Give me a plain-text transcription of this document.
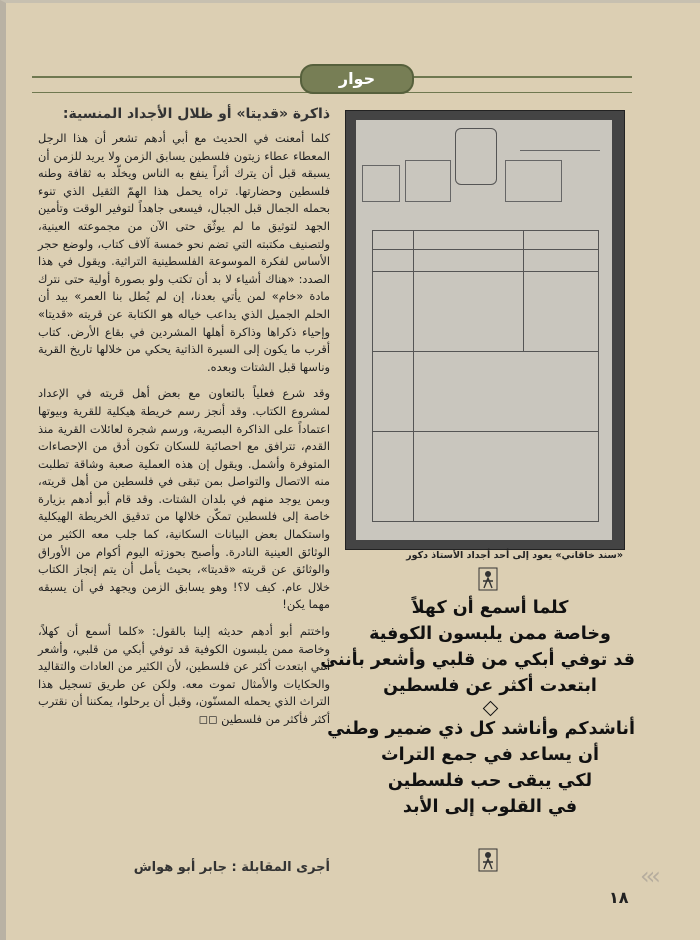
حوار
ذاكرة «قديتا» أو ظلال الأجداد المنسية:

كلما أمعنت في الحديث مع أبي أدهم تشعر أن هذا الرجل المعطاء عطاء زيتون فلسطين يسابق الزمن ولا يريد للزمن أن يسبقه قبل أن يترك أثراً ينفع به الناس ويخلّد به ثقافة وطنه فلسطين وحضارتها. تراه يحمل هذا الهمّ الثقيل الذي تنوء بحمله الجمال قبل الجبال، فيسعى جاهداً لتوفير الوقت وتأمين الجهد لتوثيق ما لم يوثّق حتى الآن من مجموعته العينية، ولتصنيف مكتبته التي تضم نحو خمسة آلاف كتاب، ولوضع حجر الأساس لفكرة الموسوعة الفلسطينية التراثية. ويقول في هذا الصدد: «هناك أشياء لا بد أن تكتب ولو بصورة أولية حتى نترك مادة «خام» لمن يأتي بعدنا، إن لم يُطل بنا العمر» بيد أن الحلم الجميل الذي يداعب خياله هو الكتابة عن قريته «قديتا» وإحياء ذكراها وذاكرة أهلها المشردين في بقاع الأرض. كتاب أقرب ما يكون إلى السيرة الذاتية يحكي من خلالها تاريخ القرية وناسها قبل الشتات وبعده.

وقد شرع فعلياً بالتعاون مع بعض أهل قريته في الإعداد لمشروع الكتاب. وقد أنجز رسم خريطة هيكلية للقرية وبيوتها اعتماداً على الذاكرة البصرية، ورسم شجرة لعائلات القرية منذ القدم، تترافق مع احصائية للسكان تكون أدق من الإحصاءات المتوفرة وأشمل. ويقول إن هذه العملية صعبة وشاقة تطلبت منه الاتصال والتواصل بمن تبقى في فلسطين من أهل قريته، وبمن يوجد منهم في بلدان الشتات. وقد قام أبو أدهم بزيارة خاصة إلى فلسطين تمكّن خلالها من تدقيق الخريطة الهيكلية واستكمال بعض البيانات السكانية، كما جلب معه الكثير من الوثائق العينية النادرة. وأصبح بحوزته اليوم أكوام من الأوراق والوثائق عن قريته «قديتا»، بحيث يأمل أن يتم إنجاز الكتاب خلال عام. كيف لا؟! وهو يسابق الزمن ويجهد في أن يسبقه مهما يكن!

واختتم أبو أدهم حديثه إلينا بالقول: «كلما أسمع أن كهلاً، وخاصة ممن يلبسون الكوفية قد توفي أبكي من قلبي، وأشعر أنني ابتعدت أكثر عن فلسطين، لأن الكثير من العادات والتقاليد والحكايات والأمثال تموت معه. ولكن عن طريق تسجيل هذا التراث الذي يحمله المسنّون، وقبل أن يرحلوا، يمكننا أن نقترب أكثر فأكثر من فلسطين ◻◻

أجرى المقابلة : جابر أبو هواش
«سند خاقاني» يعود إلى أحد أجداد الأستاذ دكور
كلما أسمع أن كهلاً
وخاصة ممن يلبسون الكوفية
قد توفي أبكي من قلبي وأشعر بأنني
ابتعدت أكثر عن فلسطين
أناشدكم وأناشد كل ذي ضمير وطني
أن يساعد في جمع التراث
لكي يبقى حب فلسطين
في القلوب إلى الأبد
‹‹‹
١٨
